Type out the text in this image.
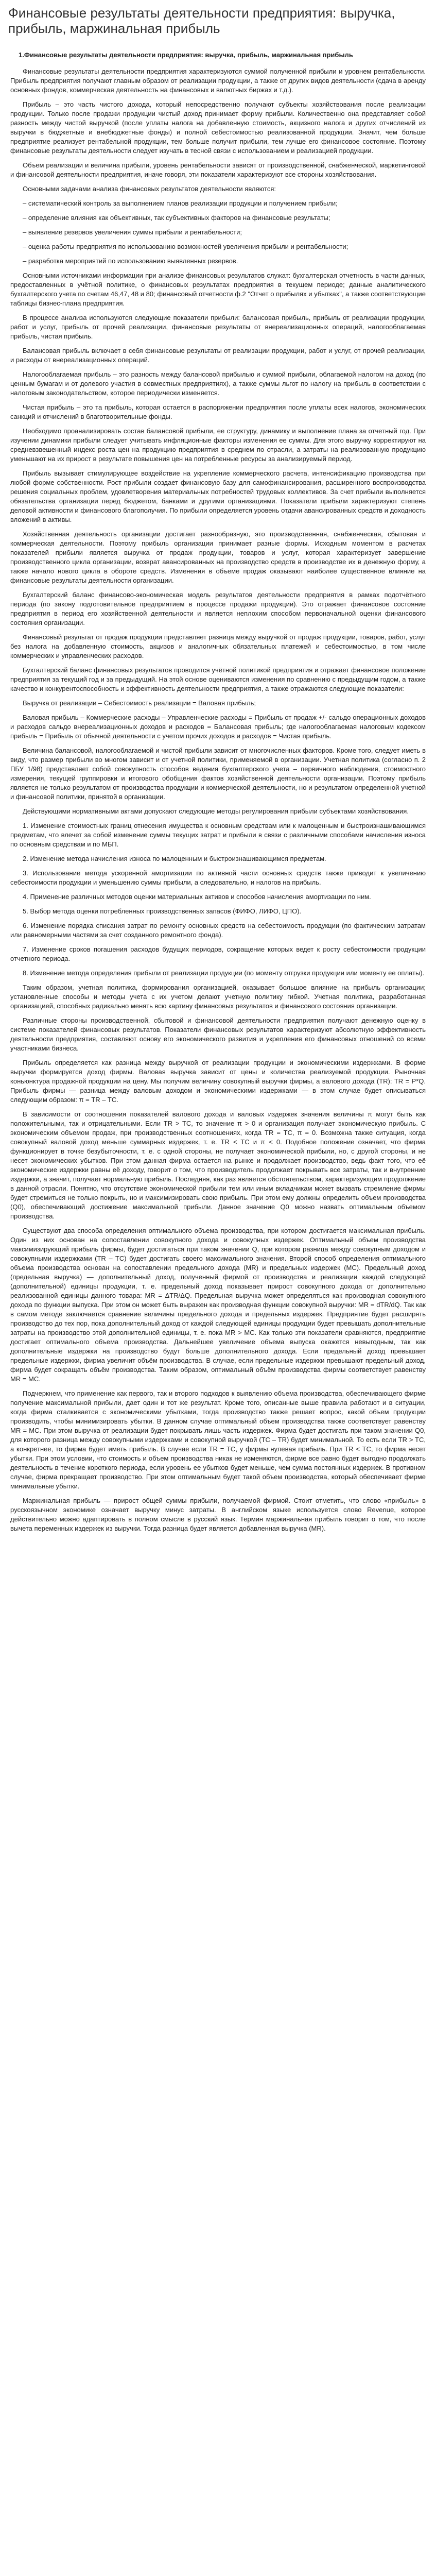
Финансовые результаты деятельности предприятия: выручка, прибыль, маржинальная прибыль

1.Финансовые результаты деятельности предприятия: выручка, прибыль, маржинальная прибыль

Финансовые результаты деятельности предприятия характеризуются суммой полученной прибыли и уровнем рентабельности. Прибыль предприятия получают главным образом от реализации продукции, а также от других видов деятельности (сдача в аренду основных фондов, коммерческая деятельность на финансовых и валютных биржах и т.д.).

Прибыль – это часть чистого дохода, который непосредственно получают субъекты хозяйствования после реализации продукции. Только после продажи продукции чистый доход принимает форму прибыли. Количественно она представляет собой разность между чистой выручкой (после уплаты налога на добавленную стоимость, акцизного налога и других отчислений из выручки в бюджетные и внебюджетные фонды) и полной себестоимостью реализованной продукции. Значит, чем больше предприятие реализует рентабельной продукции, тем больше получит прибыли, тем лучше его финансовое состояние. Поэтому финансовые результаты деятельности следует изучать в тесной связи с использованием и реализацией продукции.

Объем реализации и величина прибыли, уровень рентабельности зависят от производственной, снабженческой, маркетинговой и финансовой деятельности предприятия, иначе говоря, эти показатели характеризуют все стороны хозяйствования.

Основными задачами анализа финансовых результатов деятельности являются:

– систематический контроль за выполнением планов реализации продукции и получением прибыли;

– определение влияния как объективных, так субъективных факторов на финансовые результаты;

– выявление резервов увеличения суммы прибыли и рентабельности;

– оценка работы предприятия по использованию возможностей увеличения прибыли и рентабельности;

– разработка мероприятий по использованию выявленных резервов.

Основными источниками информации при анализе финансовых результатов служат: бухгалтерская отчетность в части данных, предоставленных в учётной политике, о финансовых результатах предприятия в текущем периоде; данные аналитического бухгалтерского учета по счетам 46,47, 48 и 80; финансовый отчетности ф.2 "Отчет о прибылях и убытках", а также соответствующие таблицы бизнес-плана предприятия.

В процессе анализа используются следующие показатели прибыли: балансовая прибыль, прибыль от реализации продукции, работ и услуг, прибыль от прочей реализации, финансовые результаты от внереализационных операций, налогооблагаемая прибыль, чистая прибыль.

Балансовая прибыль включает в себя финансовые результаты от реализации продукции, работ и услуг, от прочей реализации, и расходы от внереализационных операций.

Налогооблагаемая прибыль – это разность между балансовой прибылью и суммой прибыли, облагаемой налогом на доход (по ценным бумагам и от долевого участия в совместных предприятиях), а также суммы льгот по налогу на прибыль в соответствии с налоговым законодательством, которое периодически изменяется.

Чистая прибыль – это та прибыль, которая остается в распоряжении предприятия после уплаты всех налогов, экономических санкций и отчислений в благотворительные фонды.

Необходимо проанализировать состав балансовой прибыли, ее структуру, динамику и выполнение плана за отчетный год. При изучении динамики прибыли следует учитывать инфляционные факторы изменения ее суммы. Для этого выручку корректируют на средневзвешенный индекс роста цен на продукцию предприятия в среднем по отрасли, а затраты на реализованную продукцию уменьшают на их прирост в результате повышения цен на потребленные ресурсы за анализируемый период.

Прибыль вызывает стимулирующее воздействие на укрепление коммерческого расчета, интенсификацию производства при любой форме собственности. Рост прибыли создает финансовую базу для самофинансирования, расширенного воспроизводства решения социальных проблем, удовлетворения материальных потребностей трудовых коллективов. За счет прибыли выполняется обязательства организации перед бюджетом, банками и другими организациями. Показатели прибыли характеризуют степень деловой активности и финансового благополучия. По прибыли определяется уровень отдачи авансированных средств и доходность вложений в активы.

Хозяйственная деятельность организации достигает разнообразную, это производственная, снабженческая, сбытовая и коммерческая деятельности. Поэтому прибыль организации принимает разные формы. Исходным моментом в расчетах показателей прибыли является выручка от продаж продукции, товаров и услуг, которая характеризует завершение производственного цикла организации, возврат авансированных на производство средств в производстве их в денежную форму, а также начало нового цикла в обороте средств. Изменения в объеме продаж оказывают наиболее существенное влияние на финансовые результаты деятельности организации.

Бухгалтерский баланс финансово-экономическая модель результатов деятельности предприятия в рамках подотчётного периода (по закону подготовительное предприятием в процессе продажи продукции). Это отражает финансовое состояние предприятия в период его хозяйственной деятельности и является неплохим способом первоначальной оценки финансового состояния организации.

Финансовый результат от продаж продукции представляет разница между выручкой от продаж продукции, товаров, работ, услуг без налога на добавленную стоимость, акцизов и аналогичных обязательных платежей и себестоимостью, в том числе коммерческих и управленческих расходов.

Бухгалтерский баланс финансовых результатов проводится учётной политикой предприятия и отражает финансовое положение предприятия за текущий год и за предыдущий. На этой основе оцениваются изменения по сравнению с предыдущим годом, а также качество и конкурентоспособность и эффективность деятельности предприятия, а также отражаются следующие показатели:

Выручка от реализации – Себестоимость реализации = Валовая прибыль;

Валовая прибыль – Коммерческие расходы – Управленческие расходы = Прибыль от продаж +/- сальдо операционных доходов и расходов сальдо внереализационных доходов и расходов = Балансовая прибыль; где налогооблагаемая налоговым кодексом прибыль = Прибыль от обычной деятельности с учетом прочих доходов и расходов = Чистая прибыль.

Величина балансовой, налогооблагаемой и чистой прибыли зависит от многочисленных факторов. Кроме того, следует иметь в виду, что размер прибыли во многом зависит и от учетной политики, применяемой в организации. Учетная политика (согласно п. 2 ПБУ 1/98) представляет собой совокупность способов ведения бухгалтерского учета – первичного наблюдения, стоимостного измерения, текущей группировки и итогового обобщения фактов хозяйственной деятельности организации. Поэтому прибыль является не только результатом от производства продукции и коммерческой деятельности, но и результатом определенной учетной и финансовой политики, принятой в организации.

Действующими нормативными актами допускают следующие методы регулирования прибыли субъектами хозяйствования.

1. Изменение стоимостных границ отнесения имущества к основным средствам или к малоценным и быстроизнашивающимся предметам, что влечет за собой изменение суммы текущих затрат и прибыли в связи с различными способами начисления износа по основным средствам и по МБП.

2. Изменение метода начисления износа по малоценным и быстроизнашивающимся предметам.

3. Использование метода ускоренной амортизации по активной части основных средств также приводит к увеличению себестоимости продукции и уменьшению суммы прибыли, а следовательно, и налогов на прибыль.

4. Применение различных методов оценки материальных активов и способов начисления амортизации по ним.

5. Выбор метода оценки потребленных производственных запасов (ФИФО, ЛИФО, ЦПО).

6. Изменение порядка списания затрат по ремонту основных средств на себестоимость продукции (по фактическим затратам или равномерными частями за счет созданного ремонтного фонда).

7. Изменение сроков погашения расходов будущих периодов, сокращение которых ведет к росту себестоимости продукции отчетного периода.

8. Изменение метода определения прибыли от реализации продукции (по моменту отгрузки продукции или моменту ее оплаты).

Таким образом, учетная политика, формирования организацией, оказывает большое влияние на прибыль организации; установленные способы и методы учета с их учетом делают учетную политику гибкой. Учетная политика, разработанная организацией, способных радикально менять всю картину финансовых результатов и финансового состояния организации.

Различные стороны производственной, сбытовой и финансовой деятельности предприятия получают денежную оценку в системе показателей финансовых результатов. Показатели финансовых результатов характеризуют абсолютную эффективность деятельности предприятия, составляют основу его экономического развития и укрепления его финансовых отношений со всеми участниками бизнеса.

Прибыль определяется как разница между выручкой от реализации продукции и экономическими издержками. В форме выручки формируется доход фирмы. Валовая выручка зависит от цены и количества реализуемой продукции. Рыночная коньюнктура продажной продукции на цену. Мы получим величину совокупный выручки фирмы, а валового дохода (TR): TR = P*Q. Прибыль фирмы — разница между валовым доходом и экономическими издержками — в этом случае будет описываться следующим образом: π = TR – TC.

В зависимости от соотношения показателей валового дохода и валовых издержек значения величины π могут быть как положительными, так и отрицательными. Если TR > TC, то значение π > 0 и организация получает экономическую прибыль. С экономическим объемом продаж, при производственных соотношениях, когда TR = TC, π = 0. Возможна также ситуация, когда совокупный валовой доход меньше суммарных издержек, т. е. TR < TC и π < 0. Подобное положение означает, что фирма функционирует в точке безубыточности, т. е. с одной стороны, не получает экономической прибыли, но, с другой стороны, и не несет экономических убытков. При этом данная фирма остается на рынке и продолжает производство, ведь факт того, что её экономические издержки равны её доходу, говорит о том, что производитель продолжает покрывать все затраты, так и внутренние издержки, а значит, получает нормальную прибыль. Последняя, как раз является обстоятельством, характеризующим продолжение в данной отрасли. Понятно, что отсутствие экономической прибыли тем или иным вкладчикам может вызвать стремление фирмы будет стремиться не только покрыть, но и максимизировать свою прибыль. При этом ему должны определить объем производства (Q0), обеспечивающий достижение максимальной прибыли. Данное значение Q0 можно назвать оптимальным объемом производства.

Существуют два способа определения оптимального объема производства, при котором достигается максимальная прибыль. Один из них основан на сопоставлении совокупного дохода и совокупных издержек. Оптимальный объем производства максимизирующий прибыль фирмы, будет достигаться при таком значении Q, при котором разница между совокупным доходом и совокупными издержками (TR – TC) будет достигать своего максимального значения. Второй способ определения оптимального объема производства основан на сопоставлении предельного дохода (MR) и предельных издержек (MC). Предельный доход (предельная выручка) — дополнительный доход, полученный фирмой от производства и реализации каждой следующей (дополнительной) единицы продукции, т. е. предельный доход показывает прирост совокупного дохода от дополнительно реализованной единицы данного товара: MR = ΔTR/ΔQ. Предельная выручка может определяться как производная совокупного дохода по функции выпуска. При этом он может быть выражен как производная функции совокупной выручки: MR = dTR/dQ. Так как в самом методе заключается сравнение величины предельного дохода и предельных издержек. Предприятие будет расширять производство до тех пор, пока дополнительный доход от каждой следующей единицы продукции будет превышать дополнительные затраты на производство этой дополнительной единицы, т. е. пока MR > MC. Как только эти показатели сравняются, предприятие достигает оптимального объема производства. Дальнейшее увеличение объема выпуска окажется невыгодным, так как дополнительные издержки на производство будут больше дополнительного дохода. Если предельный доход превышает предельные издержки, фирма увеличит объём производства. В случае, если предельные издержки превышают предельный доход, фирма будет сокращать объём производства. Таким образом, оптимальный объём производства фирмы соответствует равенству MR = MC.

Подчеркнем, что применение как первого, так и второго подходов к выявлению объема производства, обеспечивающего фирме получение максимальной прибыли, дает один и тот же результат. Кроме того, описанные выше правила работают и в ситуации, когда фирма сталкивается с экономическими убытками, тогда производство также решает вопрос, какой объем продукции производить, чтобы минимизировать убытки. В данном случае оптимальный объем производства также соответствует равенству MR = MC. При этом выручка от реализации будет покрывать лишь часть издержек. Фирма будет достигать при таком значении Q0, для которого разница между совокупными издержками и совокупной выручкой (TC – TR) будет минимальной. То есть если TR > TC, а конкретнее, то фирма будет иметь прибыль. В случае если TR = TC, у фирмы нулевая прибыль. При TR < TC, то фирма несет убытки. При этом условии, что стоимость и объем производства никак не изменяются, фирме все равно будет выгодно продолжать деятельность в течение короткого периода, если уровень ее убытков будет меньше, чем сумма постоянных издержек. В противном случае, фирма прекращает производство. При этом оптимальным будет такой объем производства, который обеспечивает фирме минимальные убытки.

Маржинальная прибыль — прирост общей суммы прибыли, получаемой фирмой. Стоит отметить, что слово «прибыль» в русскоязычном экономике означает выручку минус затраты. В английском языке используется слово Revenue, которое действительно можно адаптировать в полном смысле в русский язык. Термин маржинальная прибыль говорит о том, что после вычета переменных издержек из выручки. Тогда разница будет является добавленная выручка (MR).
